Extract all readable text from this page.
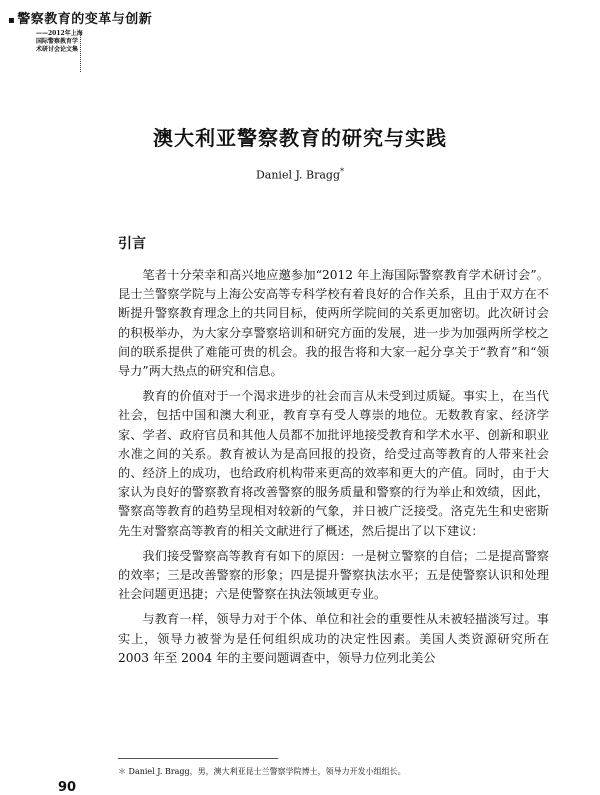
▪ 警察教育的变革与创新
——2012年上海
国际警察教育学
术研讨会论文集
澳大利亚警察教育的研究与实践
Daniel J. Bragg*
引言

笔者十分荣幸和高兴地应邀参加“2012 年上海国际警察教育学术研讨会”。昆士兰警察学院与上海公安高等专科学校有着良好的合作关系，且由于双方在不断提升警察教育理念上的共同目标，使两所学院间的关系更加密切。此次研讨会的积极举办，为大家分享警察培训和研究方面的发展，进一步为加强两所学校之间的联系提供了难能可贵的机会。我的报告将和大家一起分享关于“教育”和“领导力”两大热点的研究和信息。

教育的价值对于一个渴求进步的社会而言从未受到过质疑。事实上，在当代社会，包括中国和澳大利亚，教育享有受人尊崇的地位。无数教育家、经济学家、学者、政府官员和其他人员都不加批评地接受教育和学术水平、创新和职业水准之间的关系。教育被认为是高回报的投资，给受过高等教育的人带来社会的、经济上的成功，也给政府机构带来更高的效率和更大的产值。同时，由于大家认为良好的警察教育将改善警察的服务质量和警察的行为举止和效绩，因此，警察高等教育的趋势呈现相对较新的气象，并日被广泛接受。洛克先生和史密斯先生对警察高等教育的相关文献进行了概述，然后提出了以下建议：

我们接受警察高等教育有如下的原因：一是树立警察的自信；二是提高警察的效率；三是改善警察的形象；四是提升警察执法水平；五是使警察认识和处理社会问题更迅捷；六是使警察在执法领域更专业。

与教育一样，领导力对于个体、单位和社会的重要性从未被轻描淡写过。事实上，领导力被誉为是任何组织成功的决定性因素。美国人类资源研究所在2003 年至 2004 年的主要问题调查中，领导力位列北美公

＊ Daniel J. Bragg，男，澳大利亚昆士兰警察学院博士，领导力开发小组组长。
90
